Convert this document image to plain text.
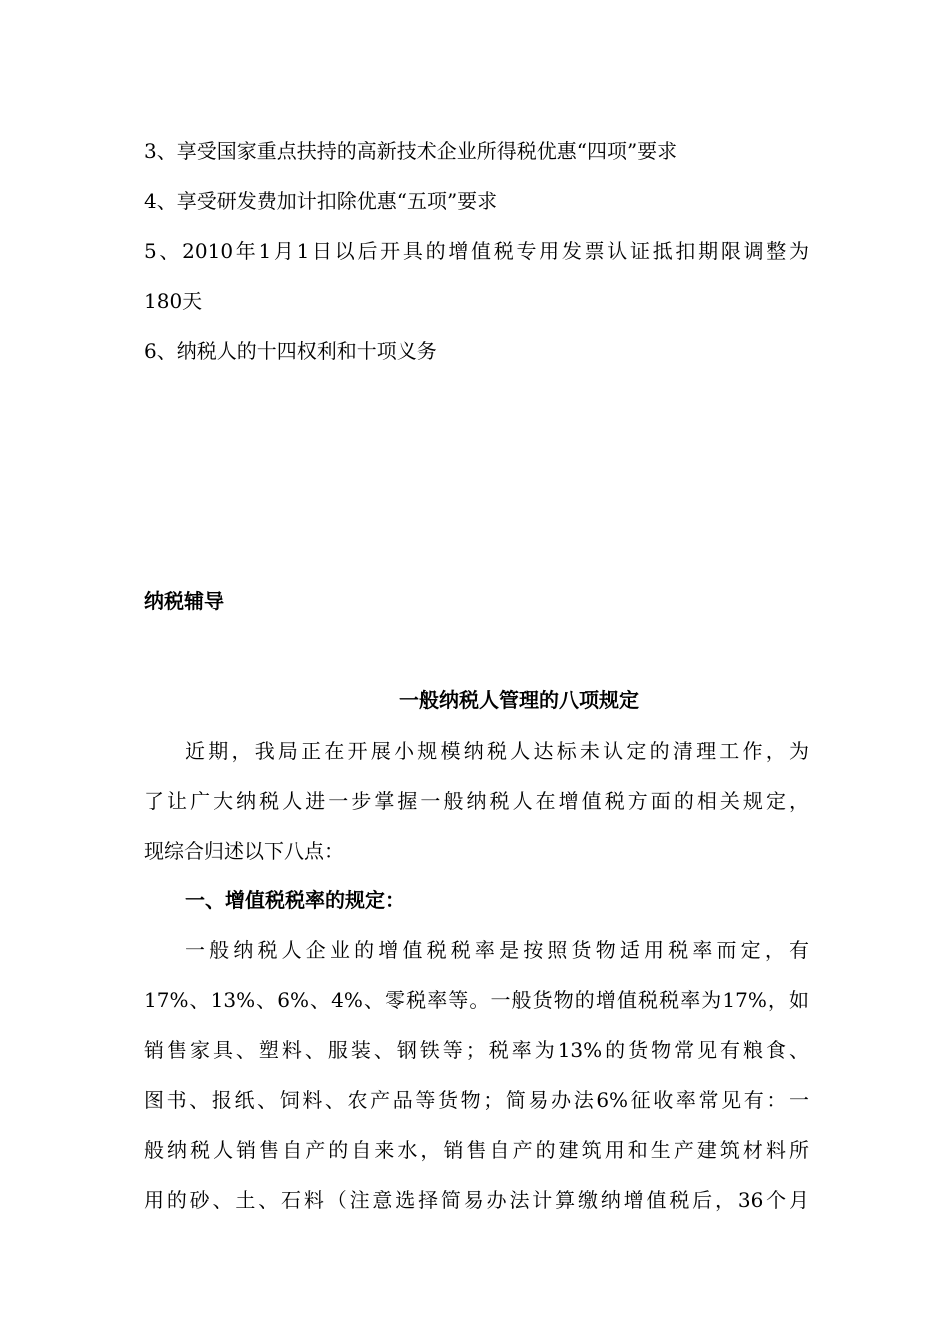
3、享受国家重点扶持的高新技术企业所得税优惠“四项”要求
4、享受研发费加计扣除优惠“五项”要求
5、2010年1月1日以后开具的增值税专用发票认证抵扣期限调整为
180天
6、纳税人的十四权利和十项义务
纳税辅导
一般纳税人管理的八项规定
近期，我局正在开展小规模纳税人达标未认定的清理工作，为
了让广大纳税人进一步掌握一般纳税人在增值税方面的相关规定，
现综合归述以下八点：
一、增值税税率的规定：
一般纳税人企业的增值税税率是按照货物适用税率而定，有
17%、13%、6%、4%、零税率等。一般货物的增值税税率为17%，如
销售家具、塑料、服装、钢铁等；税率为13%的货物常见有粮食、
图书、报纸、饲料、农产品等货物；简易办法6%征收率常见有：一
般纳税人销售自产的自来水，销售自产的建筑用和生产建筑材料所
用的砂、土、石料（注意选择简易办法计算缴纳增值税后，36个月
